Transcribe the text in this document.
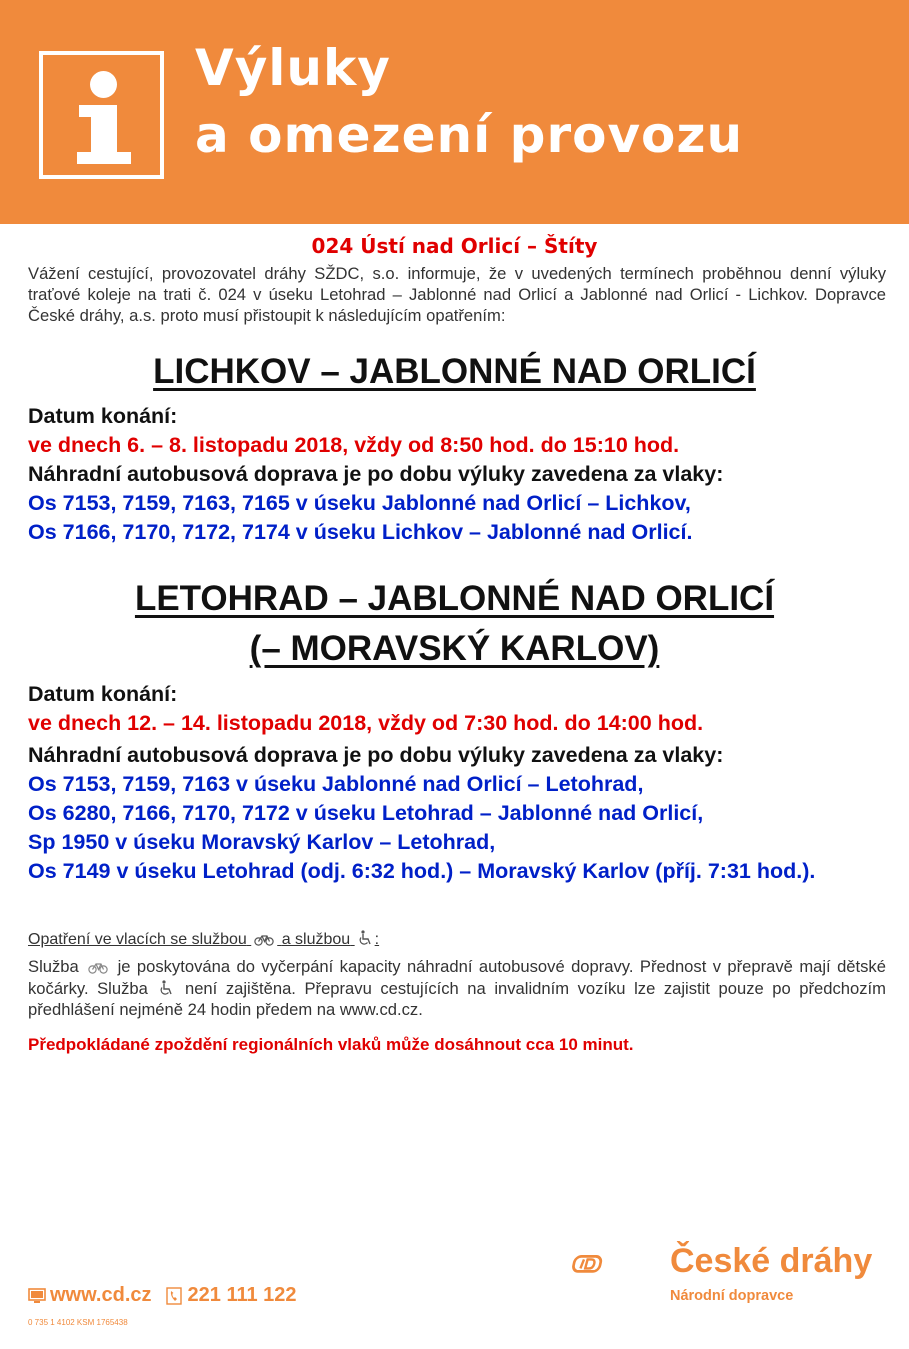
Výluky
a omezení provozu
024 Ústí nad Orlicí – Štíty
Vážení cestující, provozovatel dráhy SŽDC, s.o. informuje, že v uvedených termínech proběhnou denní výluky traťové koleje na trati č. 024 v úseku Letohrad – Jablonné nad Orlicí a Jablonné nad Orlicí - Lichkov. Dopravce České dráhy, a.s. proto musí přistoupit k následujícím opatřením:
LICHKOV – JABLONNÉ NAD ORLICÍ
Datum konání:
ve dnech 6. – 8. listopadu 2018, vždy od 8:50 hod. do 15:10 hod.
Náhradní autobusová doprava je po dobu výluky zavedena za vlaky:
Os 7153, 7159, 7163, 7165 v úseku Jablonné nad Orlicí – Lichkov,
Os 7166, 7170, 7172, 7174 v úseku Lichkov – Jablonné nad Orlicí.
LETOHRAD – JABLONNÉ NAD ORLICÍ
(– MORAVSKÝ KARLOV)
Datum konání:
ve dnech 12. – 14. listopadu 2018, vždy od 7:30 hod. do 14:00 hod.
Náhradní autobusová doprava je po dobu výluky zavedena za vlaky:
Os 7153, 7159, 7163 v úseku Jablonné nad Orlicí – Letohrad,
Os 6280, 7166, 7170, 7172 v úseku Letohrad – Jablonné nad Orlicí,
Sp 1950 v úseku Moravský Karlov – Letohrad,
Os 7149 v úseku Letohrad (odj. 6:32 hod.) – Moravský Karlov (příj. 7:31 hod.).
Opatření ve vlacích se službou a službou :
Služba je poskytována do vyčerpání kapacity náhradní autobusové dopravy. Přednost v přepravě mají dětské kočárky. Služba není zajištěna. Přepravu cestujících na invalidním vozíku lze zajistit pouze po předchozím předhlášení nejméně 24 hodin předem na www.cd.cz.
Předpokládané zpoždění regionálních vlaků může dosáhnout cca 10 minut.
www.cd.cz 221 111 122
0 735 1 4102 KSM 1765438
České dráhy
Národní dopravce
